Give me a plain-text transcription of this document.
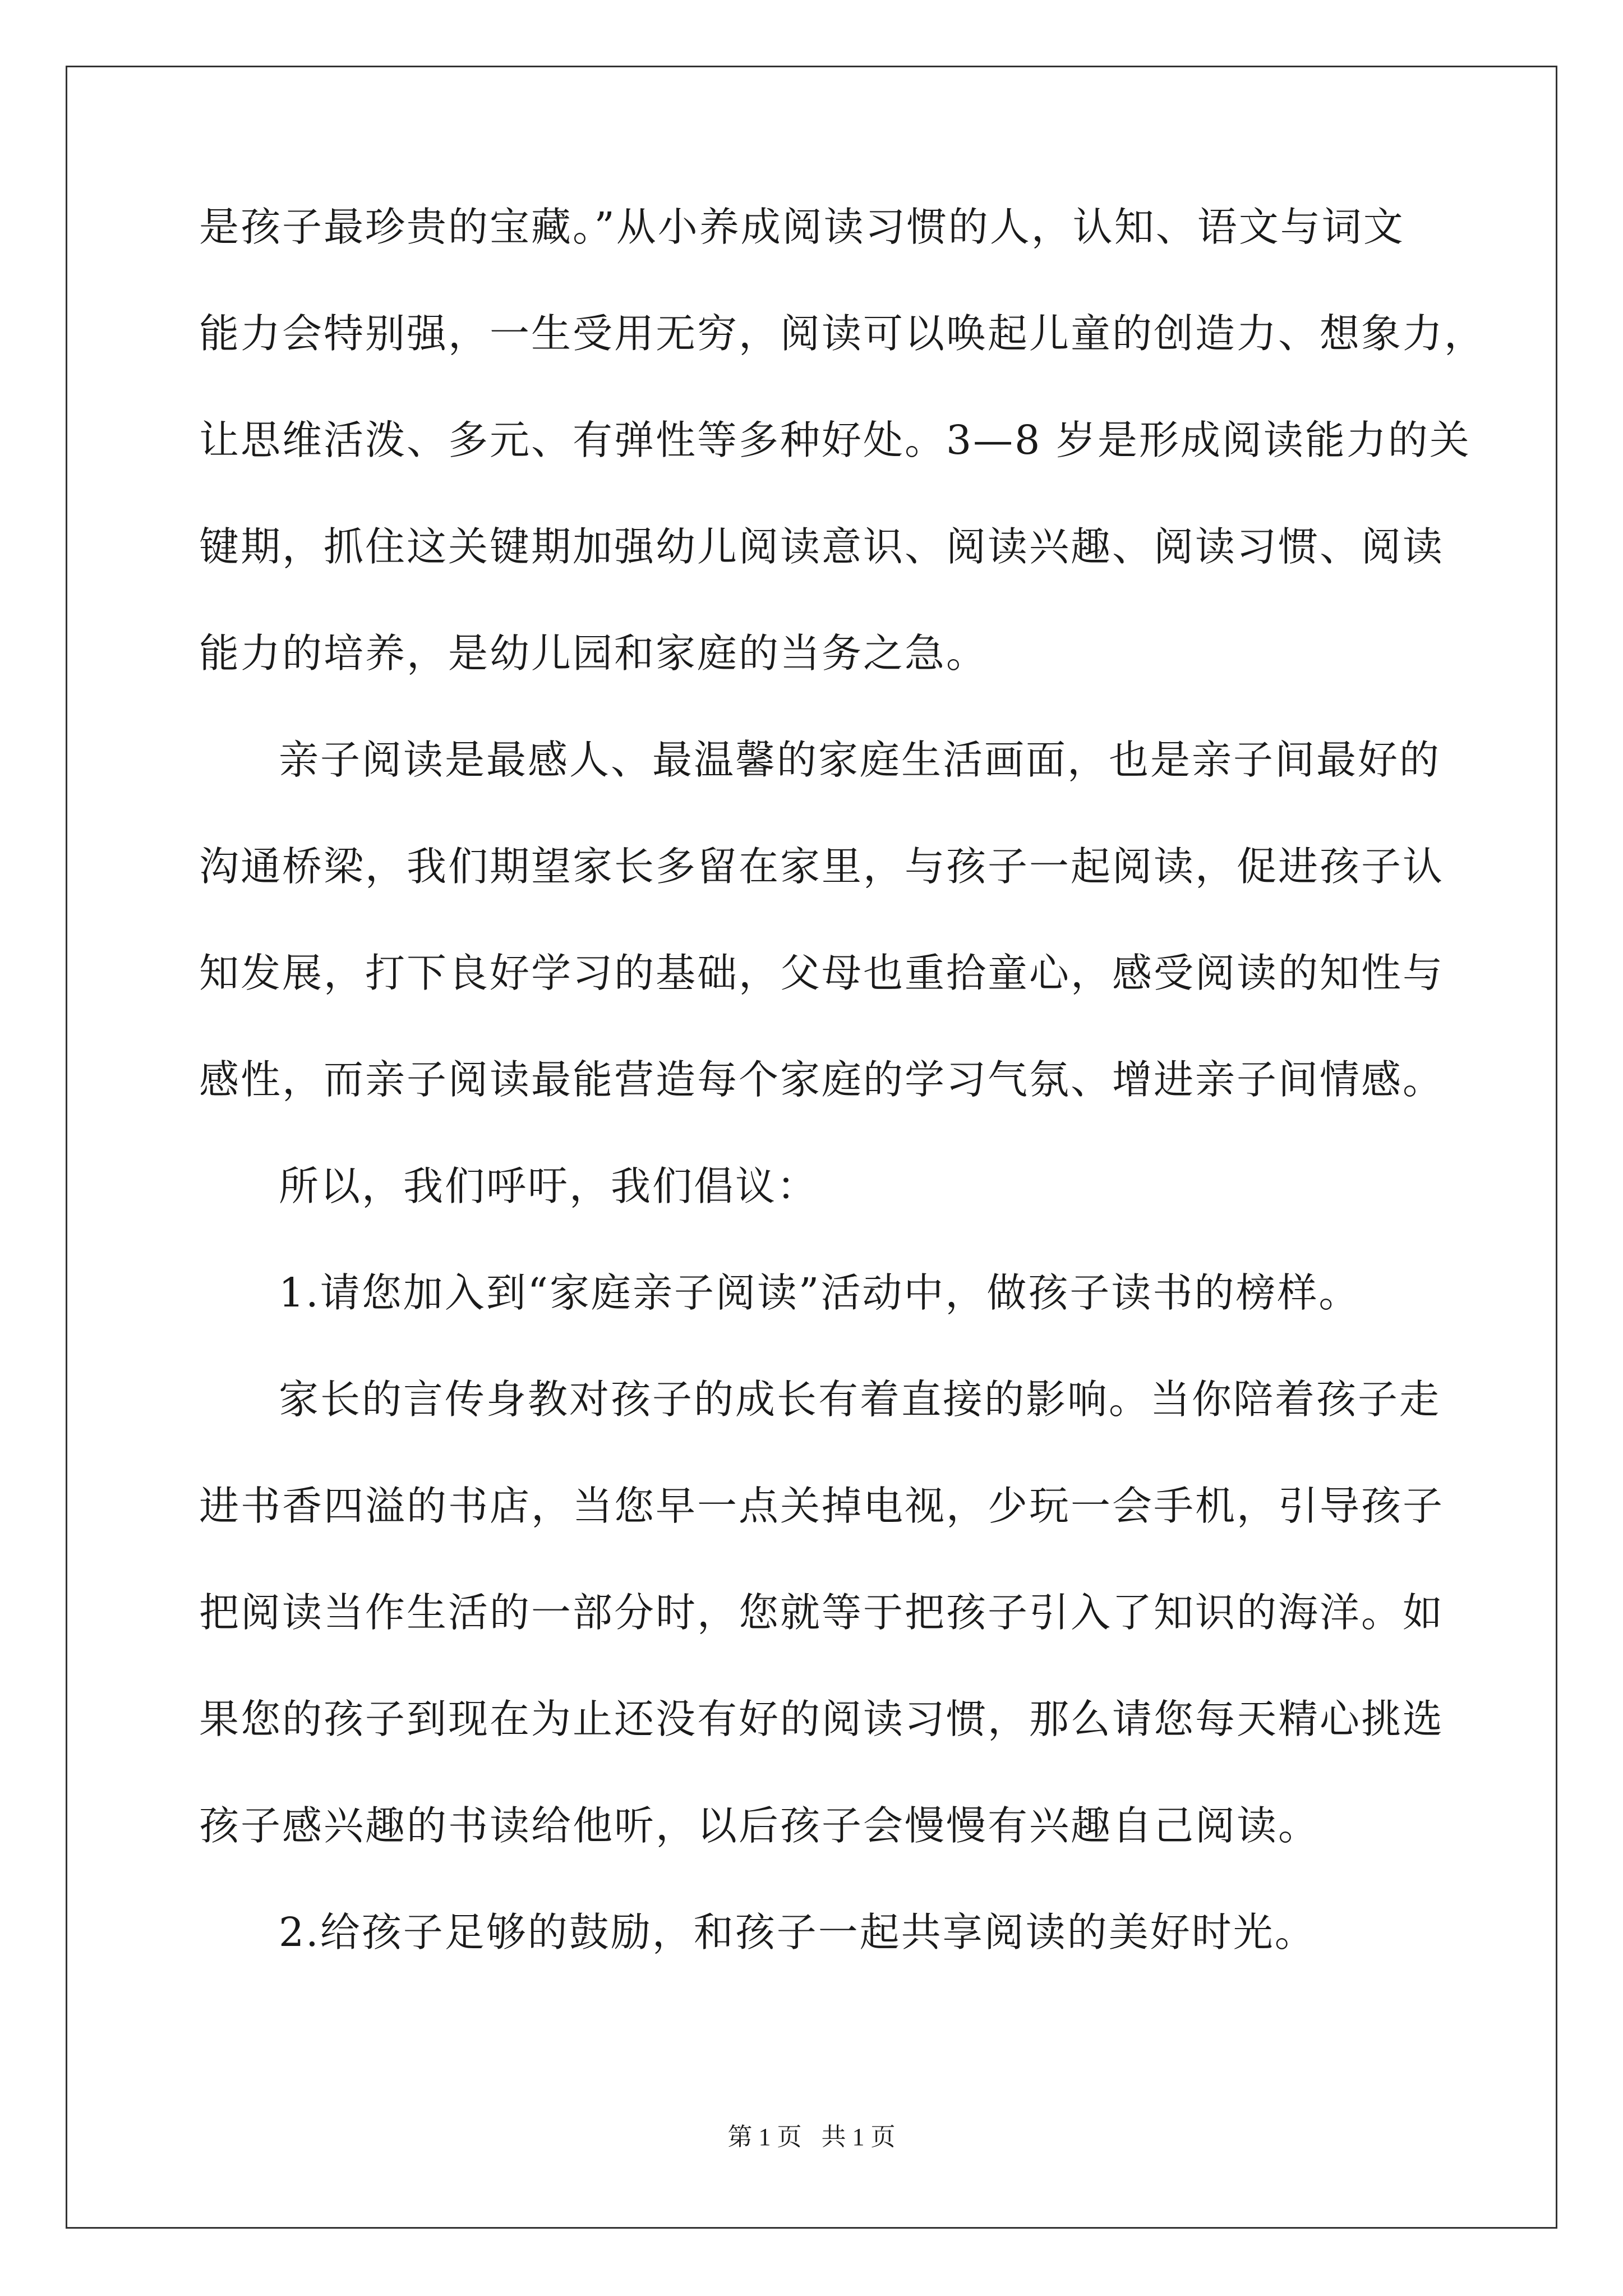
是孩子最珍贵的宝藏。”从小养成阅读习惯的人，认知、语文与词文
能力会特别强，一生受用无穷，阅读可以唤起儿童的创造力、想象力，
让思维活泼、多元、有弹性等多种好处。3—8 岁是形成阅读能力的关
键期，抓住这关键期加强幼儿阅读意识、阅读兴趣、阅读习惯、阅读
能力的培养，是幼儿园和家庭的当务之急。
亲子阅读是最感人、最温馨的家庭生活画面，也是亲子间最好的
沟通桥梁，我们期望家长多留在家里，与孩子一起阅读，促进孩子认
知发展，打下良好学习的基础，父母也重拾童心，感受阅读的知性与
感性，而亲子阅读最能营造每个家庭的学习气氛、增进亲子间情感。
所以，我们呼吁，我们倡议：
1.请您加入到“家庭亲子阅读”活动中，做孩子读书的榜样。
家长的言传身教对孩子的成长有着直接的影响。当你陪着孩子走
进书香四溢的书店，当您早一点关掉电视，少玩一会手机，引导孩子
把阅读当作生活的一部分时，您就等于把孩子引入了知识的海洋。如
果您的孩子到现在为止还没有好的阅读习惯，那么请您每天精心挑选
孩子感兴趣的书读给他听，以后孩子会慢慢有兴趣自己阅读。
2.给孩子足够的鼓励，和孩子一起共享阅读的美好时光。
第 1 页 共 1 页
